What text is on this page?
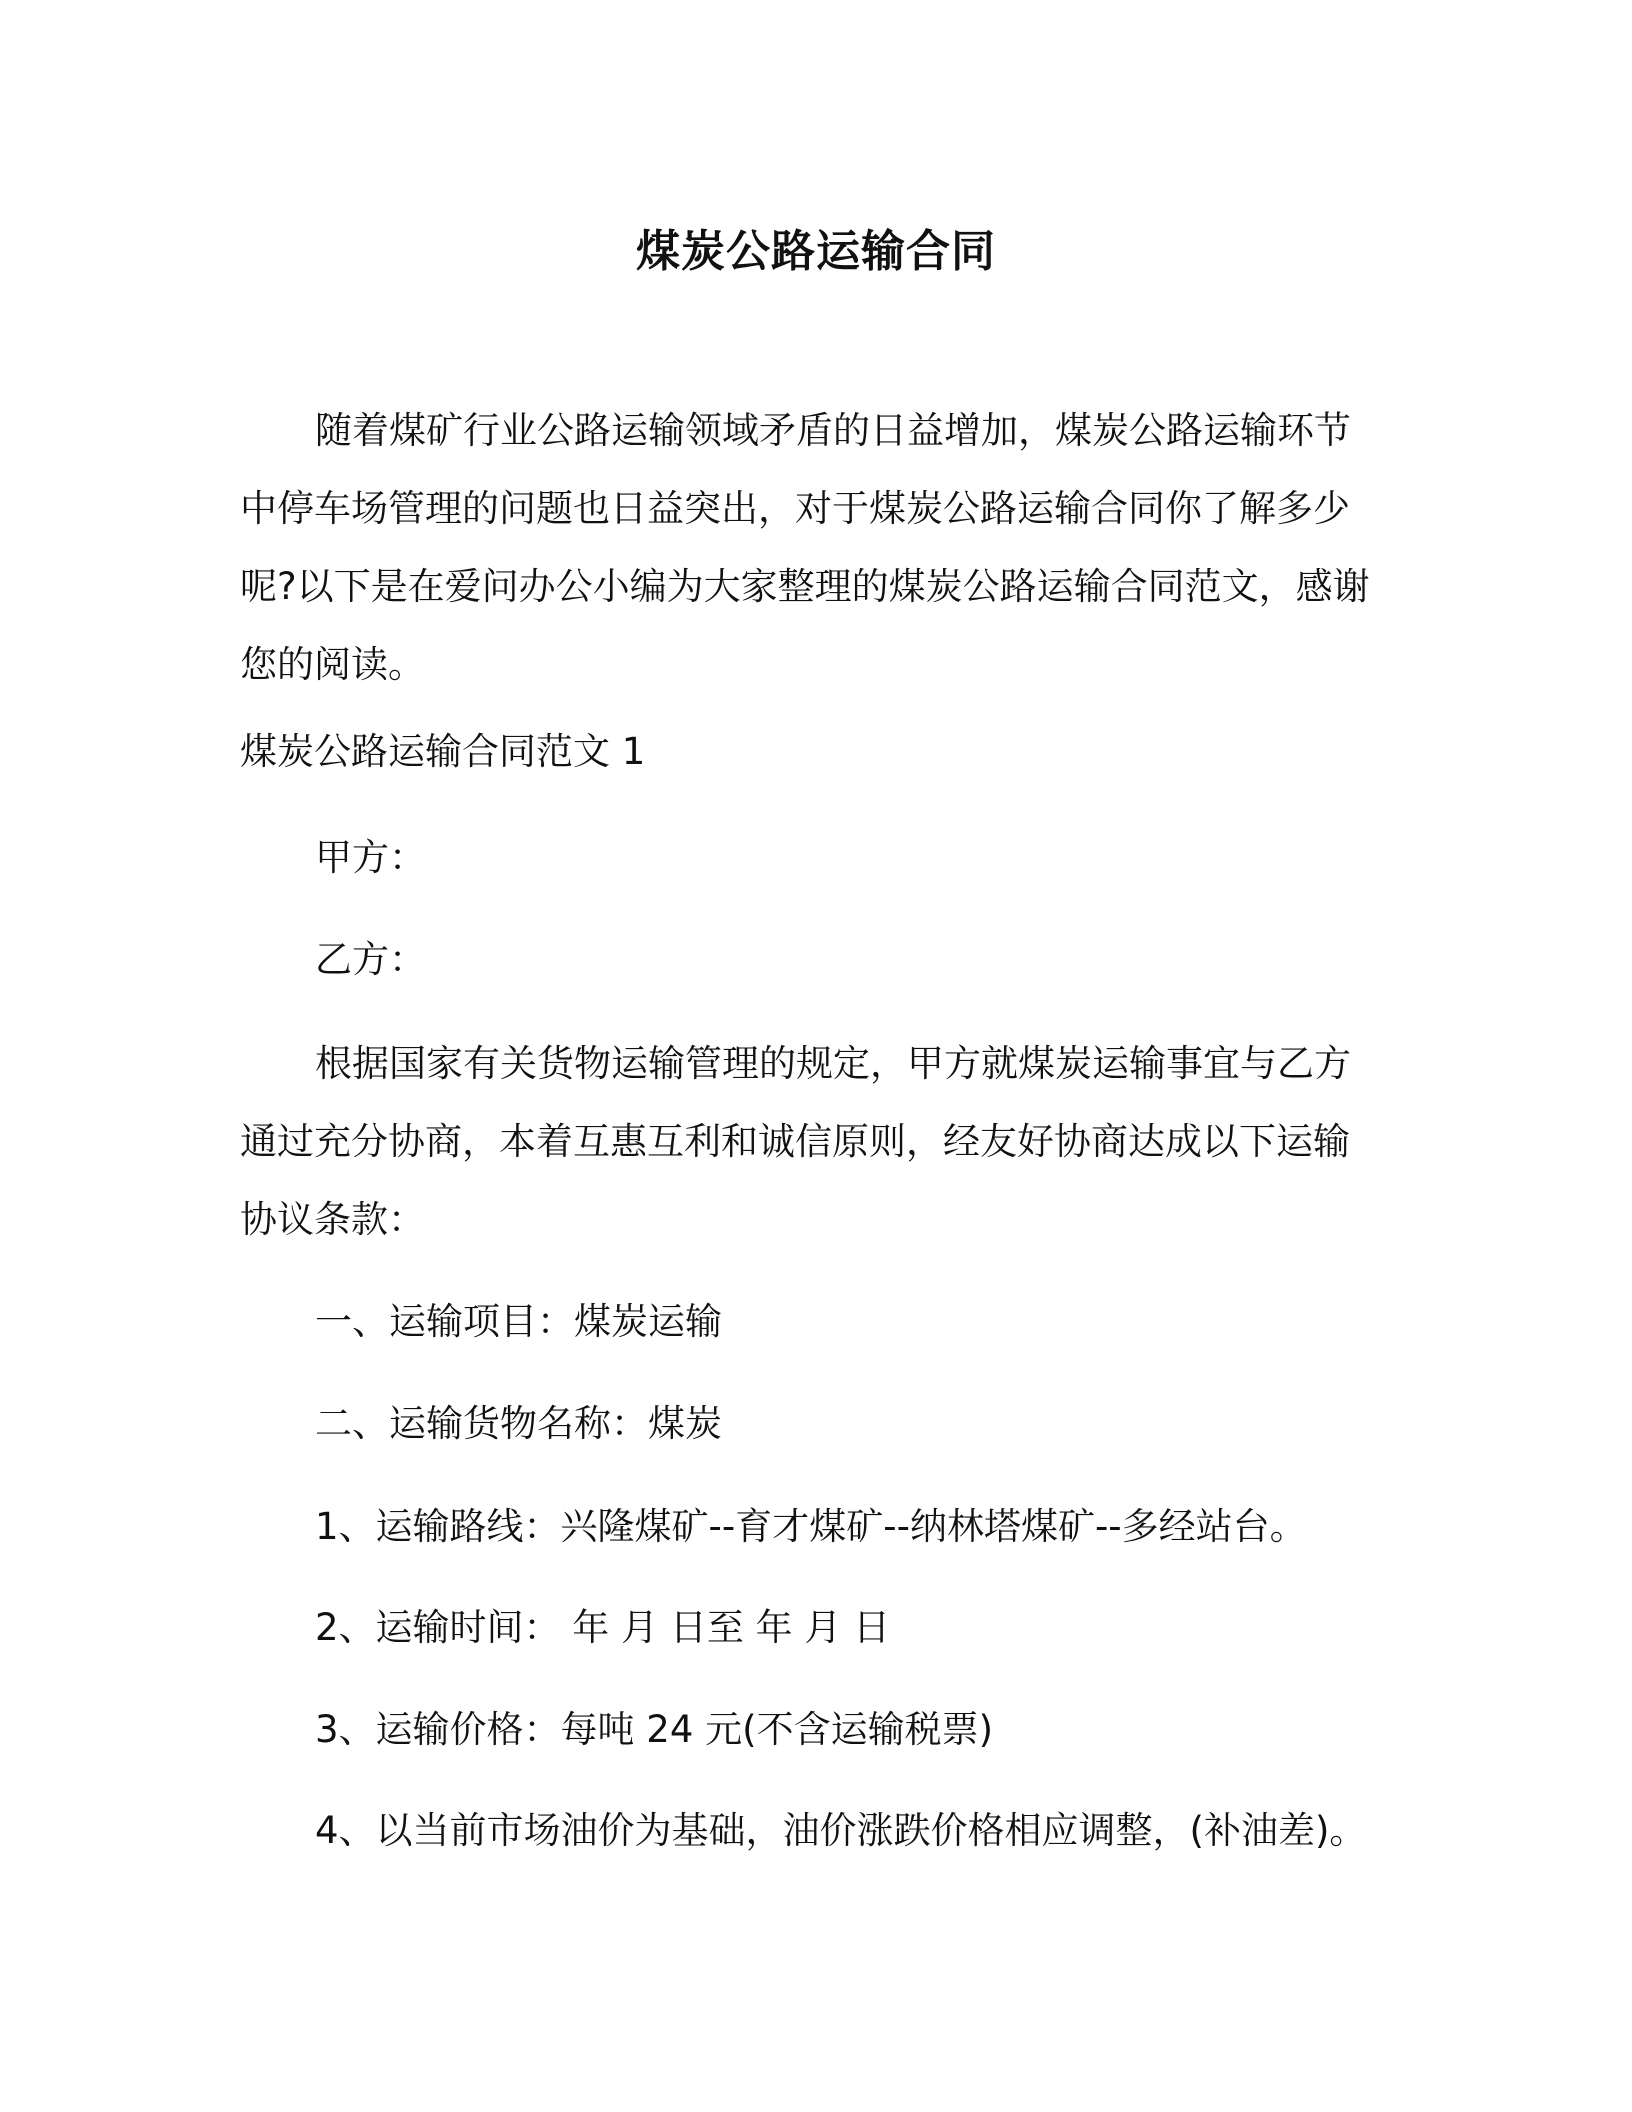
煤炭公路运输合同

随着煤矿行业公路运输领域矛盾的日益增加，煤炭公路运输环节中停车场管理的问题也日益突出，对于煤炭公路运输合同你了解多少呢?以下是在爱问办公小编为大家整理的煤炭公路运输合同范文，感谢您的阅读。

煤炭公路运输合同范文 1

甲方：

乙方：

根据国家有关货物运输管理的规定，甲方就煤炭运输事宜与乙方通过充分协商，本着互惠互利和诚信原则，经友好协商达成以下运输协议条款：

一、运输项目：煤炭运输

二、运输货物名称：煤炭

1、运输路线：兴隆煤矿--育才煤矿--纳林塔煤矿--多经站台。

2、运输时间： 年 月 日至 年 月 日

3、运输价格：每吨 24 元(不含运输税票)

4、以当前市场油价为基础，油价涨跌价格相应调整，(补油差)。
